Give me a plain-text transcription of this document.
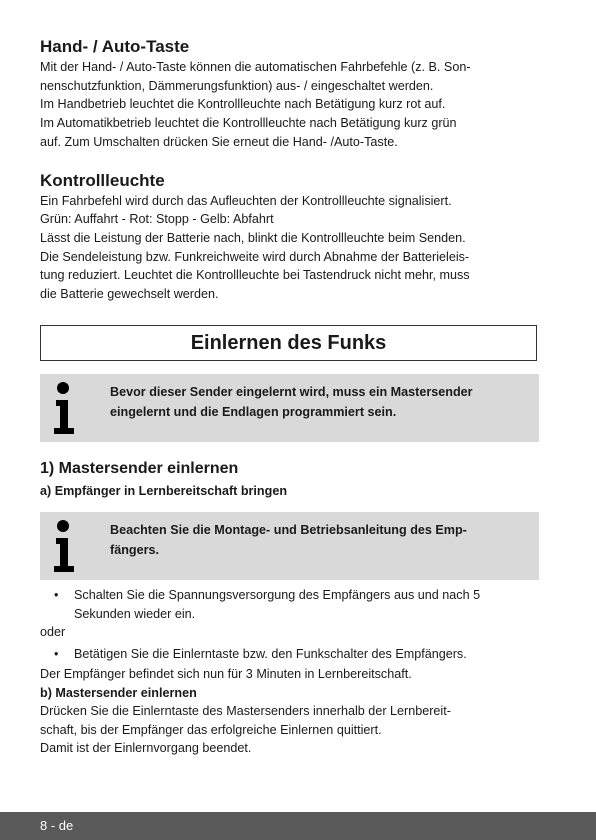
Hand- / Auto-Taste

Mit der Hand- / Auto-Taste können die automatischen Fahrbefehle (z. B. Son-

nenschutzfunktion, Dämmerungsfunktion) aus- / eingeschaltet werden.

Im Handbetrieb leuchtet die Kontrollleuchte nach Betätigung kurz rot auf.

Im Automatikbetrieb leuchtet die Kontrollleuchte nach Betätigung kurz grün

auf. Zum Umschalten drücken Sie erneut die Hand- /Auto-Taste.

Kontrollleuchte

Ein Fahrbefehl wird durch das Aufleuchten der Kontrollleuchte signalisiert.

Grün: Auffahrt - Rot: Stopp - Gelb: Abfahrt

Lässt die Leistung der Batterie nach, blinkt die Kontrollleuchte beim Senden.

Die Sendeleistung bzw. Funkreichweite wird durch Abnahme der Batterieleis-

tung reduziert. Leuchtet die Kontrollleuchte bei Tastendruck nicht mehr, muss

die Batterie gewechselt werden.

Einlernen des Funks
Bevor dieser Sender eingelernt wird, muss ein Mastersender
eingelernt und die Endlagen programmiert sein.
1) Mastersender einlernen
a) Empfänger in Lernbereitschaft bringen
Beachten Sie die Montage- und Betriebsanleitung des Emp-
fängers.
• Schalten Sie die Spannungsversorgung des Empfängers aus und nach 5
Sekunden wieder ein.
oder
• Betätigen Sie die Einlerntaste bzw. den Funkschalter des Empfängers.
Der Empfänger befindet sich nun für 3 Minuten in Lernbereitschaft.
b) Mastersender einlernen

Drücken Sie die Einlerntaste des Mastersenders innerhalb der Lernbereit-

schaft, bis der Empfänger das erfolgreiche Einlernen quittiert.

Damit ist der Einlernvorgang beendet.

8 - de
